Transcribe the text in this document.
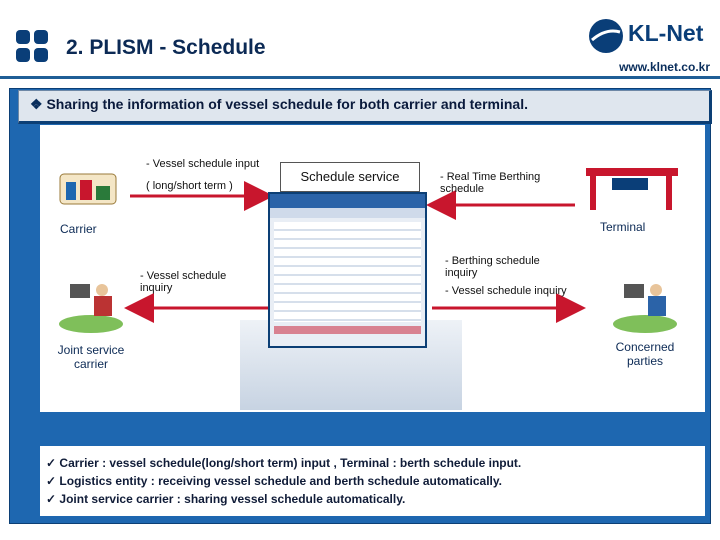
2. PLISM - Schedule
KL-Net
www.klnet.co.kr
❖ Sharing the information of vessel schedule for both carrier and terminal.
Schedule service
Carrier	Terminal
Joint service
carrier
Concerned
parties
- Vessel schedule input
( long/short term )
- Real Time Berthing
schedule
- Vessel schedule
inquiry
- Berthing schedule
inquiry
- Vessel schedule inquiry
✓ Carrier : vessel schedule(long/short term) input , Terminal : berth schedule input.
✓ Logistics entity : receiving vessel schedule and berth schedule automatically.
✓ Joint service carrier : sharing vessel schedule automatically.
